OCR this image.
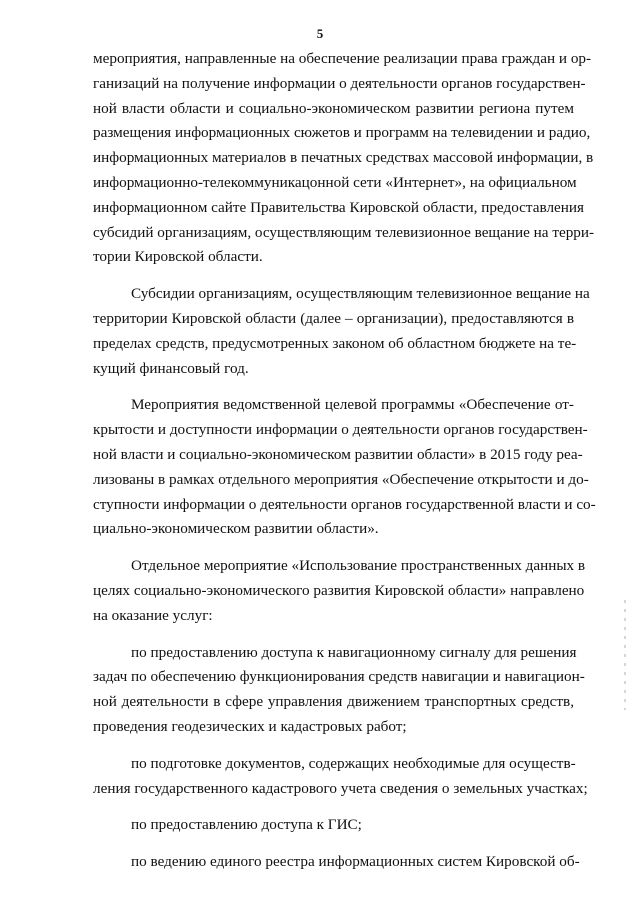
5
мероприятия, направленные на обеспечение реализации права граждан и ор-
ганизаций на получение информации о деятельности органов государствен-
ной власти области и социально-экономическом развитии региона путем
размещения информационных сюжетов и программ на телевидении и радио,
информационных материалов в печатных средствах массовой информации, в
информационно-телекоммуникацонной сети «Интернет», на официальном
информационном сайте Правительства Кировской области, предоставления
субсидий организациям, осуществляющим телевизионное вещание на терри-
тории Кировской области.
Субсидии организациям, осуществляющим телевизионное вещание на
территории Кировской области (далее – организации), предоставляются в
пределах средств, предусмотренных законом об областном бюджете на те-
кущий финансовый год.
Мероприятия ведомственной целевой программы «Обеспечение от-
крытости и доступности информации о деятельности органов государствен-
ной власти и социально-экономическом развитии области» в 2015 году реа-
лизованы в рамках отдельного мероприятия «Обеспечение открытости и до-
ступности информации о деятельности органов государственной власти и со-
циально-экономическом развитии области».
Отдельное мероприятие «Использование пространственных данных в
целях социально-экономического развития Кировской области» направлено
на оказание услуг:
по предоставлению доступа к навигационному сигналу для решения
задач по обеспечению функционирования средств навигации и навигацион-
ной деятельности в сфере управления движением транспортных средств,
проведения геодезических и кадастровых работ;
по подготовке документов, содержащих необходимые для осуществ-
ления государственного кадастрового учета сведения о земельных участках;
по предоставлению доступа к ГИС;
по ведению единого реестра информационных систем Кировской об-
